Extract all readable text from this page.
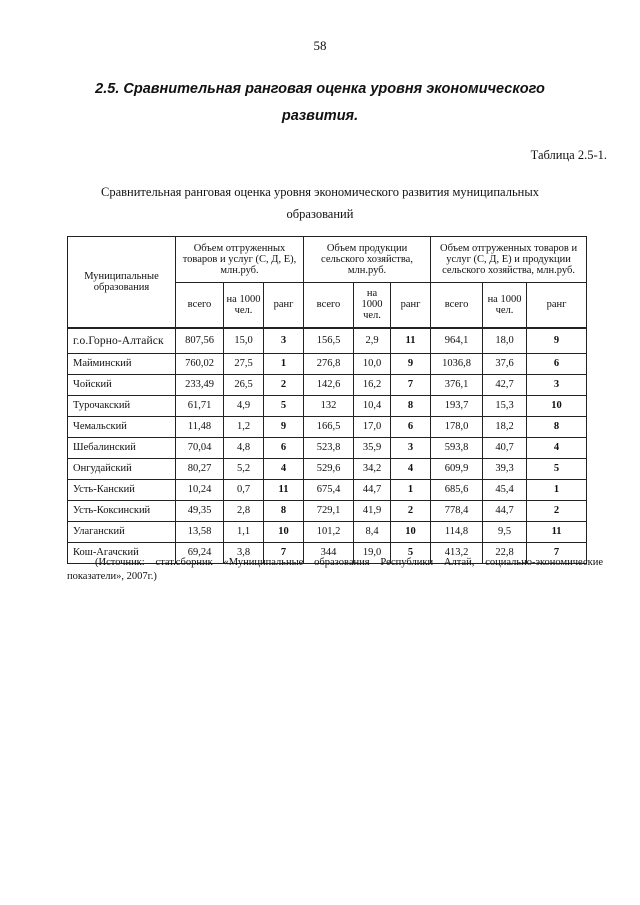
58
2.5. Сравнительная ранговая оценка уровня экономического развития.
Таблица 2.5-1.
Сравнительная ранговая оценка уровня экономического развития муниципальных образований
Муниципальные образования	Объем отгруженных товаров и услуг (С, Д, Е), млн.руб.			Объем продукции сельского хозяйства, млн.руб.			Объем отгруженных товаров и услуг (С, Д, Е) и продукции сельского хозяйства, млн.руб.		
	всего	на 1000 чел.	ранг	всего	на 1000 чел.	ранг	всего	на 1000 чел.	ранг
г.о.Горно-Алтайск	807,56	15,0	3	156,5	2,9	11	964,1	18,0	9
Майминский	760,02	27,5	1	276,8	10,0	9	1036,8	37,6	6
Чойский	233,49	26,5	2	142,6	16,2	7	376,1	42,7	3
Турочакский	61,71	4,9	5	132	10,4	8	193,7	15,3	10
Чемальский	11,48	1,2	9	166,5	17,0	6	178,0	18,2	8
Шебалинский	70,04	4,8	6	523,8	35,9	3	593,8	40,7	4
Онгудайский	80,27	5,2	4	529,6	34,2	4	609,9	39,3	5
Усть-Канский	10,24	0,7	11	675,4	44,7	1	685,6	45,4	1
Усть-Коксинский	49,35	2,8	8	729,1	41,9	2	778,4	44,7	2
Улаганский	13,58	1,1	10	101,2	8,4	10	114,8	9,5	11
Кош-Агачский	69,24	3,8	7	344	19,0	5	413,2	22,8	7
(Источник: стат.сборник «Муниципальные образования Республики Алтай, социально-экономические показатели», 2007г.)
